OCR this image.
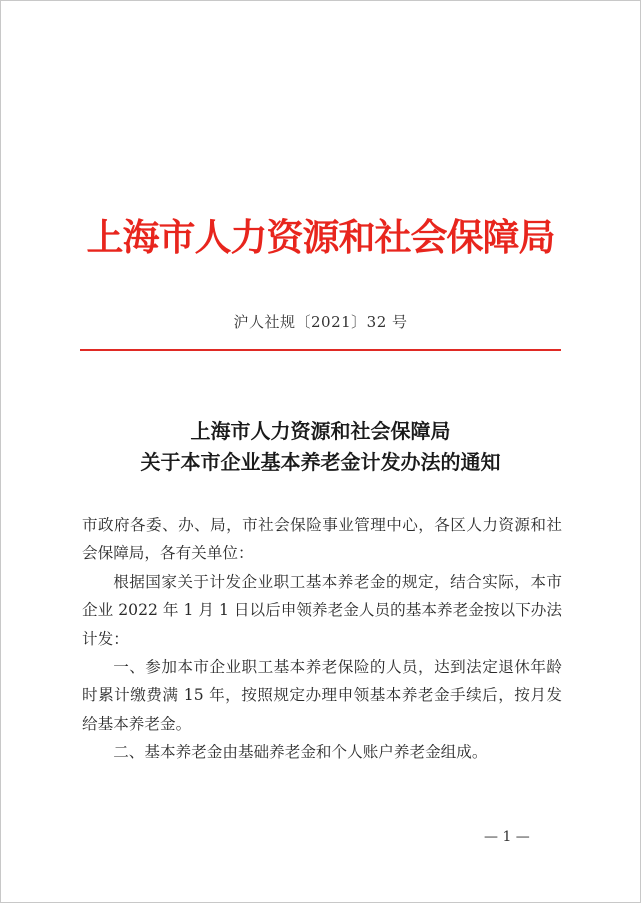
上海市人力资源和社会保障局
沪人社规〔2021〕32 号
上海市人力资源和社会保障局
关于本市企业基本养老金计发办法的通知

市政府各委、办、局，市社会保险事业管理中心，各区人力资源和社会保障局，各有关单位：

根据国家关于计发企业职工基本养老金的规定，结合实际，本市企业 2022 年 1 月 1 日以后申领养老金人员的基本养老金按以下办法计发：

一、参加本市企业职工基本养老保险的人员，达到法定退休年龄时累计缴费满 15 年，按照规定办理申领基本养老金手续后，按月发给基本养老金。

二、基本养老金由基础养老金和个人账户养老金组成。

— 1 —
